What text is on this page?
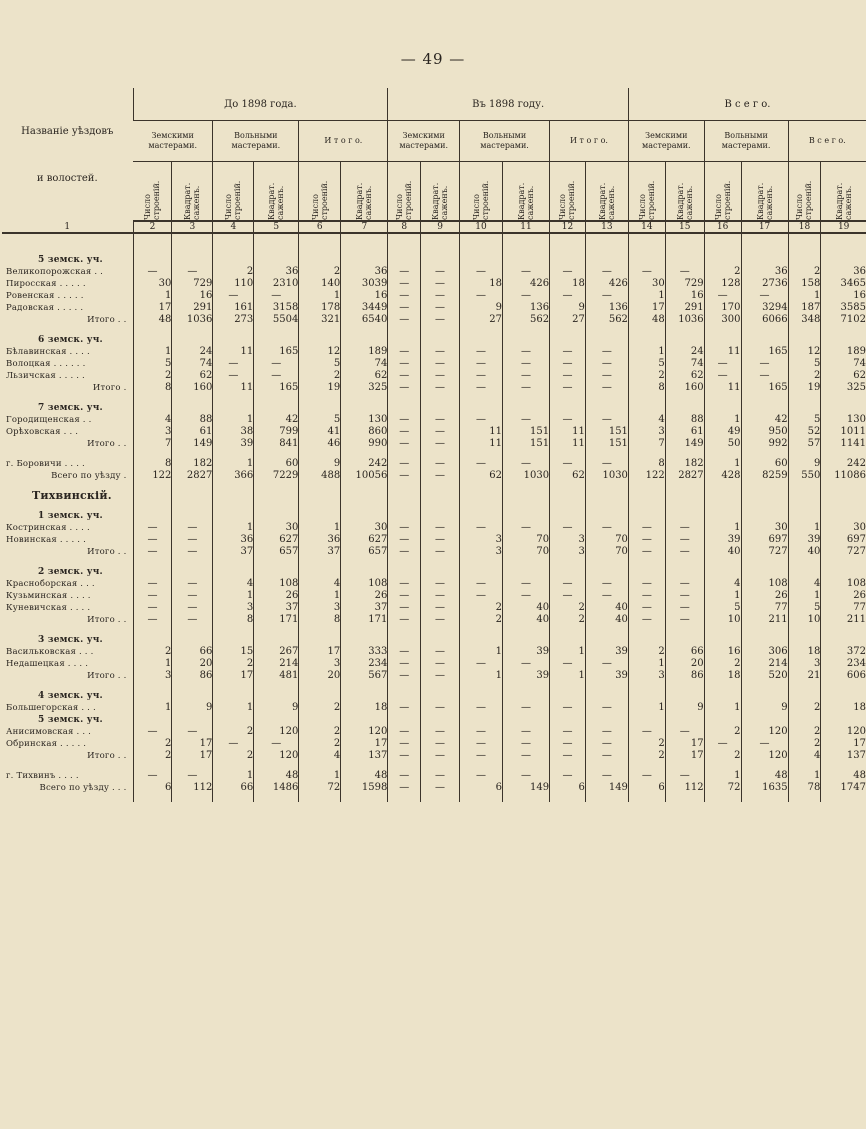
— 49 —
Названіе уѣздовъ
и волостей.	До 1898 года.						Въ 1898 году.						В с е г о.					
	Земскими мастерами.		Вольными мастерами.		И т о г о.		Земскими мастерами.		Вольными мастерами.		И т о г о.		Земскими мастерами.		Вольными мастерами.		В с е г о.	

	Число строеній.	Квадрат. саженъ.	Число строеній.	Квадрат. саженъ.	Число строеній.	Квадрат. саженъ.	Число строеній.	Квадрат. саженъ.	Число строеній.	Квадрат. саженъ.	Число строеній.	Квадрат. саженъ.	Число строеній.	Квадрат. саженъ.	Число строеній.	Квадрат. саженъ.	Число строеній.	Квадрат. саженъ.

1	2	3	4	5	6	7	8	9	10	11	12	13	14	15	16	17	18	19

5 земск. уч.																		
Великопорожская . .	—	—	2	36	2	36	—	—	—	—	—	—	—	—	2	36	2	36
Пиросская . . . . .	30	729	110	2310	140	3039	—	—	18	426	18	426	30	729	128	2736	158	3465
Ровенская . . . . .	1	16	—	—	1	16	—	—	—	—	—	—	1	16	—	—	1	16
Радовская . . . . .	17	291	161	3158	178	3449	—	—	9	136	9	136	17	291	170	3294	187	3585
Итого . .	48	1036	273	5504	321	6540	—	—	27	562	27	562	48	1036	300	6066	348	7102

6 земск. уч.																		
Бѣлавинская . . . .	1	24	11	165	12	189	—	—	—	—	—	—	1	24	11	165	12	189
Волоцкая . . . . . .	5	74	—	—	5	74	—	—	—	—	—	—	5	74	—	—	5	74
Льзичская . . . . .	2	62	—	—	2	62	—	—	—	—	—	—	2	62	—	—	2	62
Итого .	8	160	11	165	19	325	—	—	—	—	—	—	8	160	11	165	19	325

7 земск. уч.																		
Городищенская . .	4	88	1	42	5	130	—	—	—	—	—	—	4	88	1	42	5	130
Орѣховская . . .	3	61	38	799	41	860	—	—	11	151	11	151	3	61	49	950	52	1011
Итого . .	7	149	39	841	46	990	—	—	11	151	11	151	7	149	50	992	57	1141

г. Боровичи . . . .	8	182	1	60	9	242	—	—	—	—	—	—	8	182	1	60	9	242
Всего по уѣзду .	122	2827	366	7229	488	10056	—	—	62	1030	62	1030	122	2827	428	8259	550	11086

Тихвинскій.																		

1 земск. уч.																		
Костринская . . . .	—	—	1	30	1	30	—	—	—	—	—	—	—	—	1	30	1	30
Новинская . . . . .	—	—	36	627	36	627	—	—	3	70	3	70	—	—	39	697	39	697
Итого . .	—	—	37	657	37	657	—	—	3	70	3	70	—	—	40	727	40	727

2 земск. уч.																		
Красноборская . . .	—	—	4	108	4	108	—	—	—	—	—	—	—	—	4	108	4	108
Кузьминская . . . .	—	—	1	26	1	26	—	—	—	—	—	—	—	—	1	26	1	26
Куневичская . . . .	—	—	3	37	3	37	—	—	2	40	2	40	—	—	5	77	5	77
Итого . .	—	—	8	171	8	171	—	—	2	40	2	40	—	—	10	211	10	211

3 земск. уч.																		
Васильковская . . .	2	66	15	267	17	333	—	—	1	39	1	39	2	66	16	306	18	372
Недашецкая . . . .	1	20	2	214	3	234	—	—	—	—	—	—	1	20	2	214	3	234
Итого . .	3	86	17	481	20	567	—	—	1	39	1	39	3	86	18	520	21	606

4 земск. уч.																		
Большегорская . . .	1	9	1	9	2	18	—	—	—	—	—	—	1	9	1	9	2	18
5 земск. уч.																		
Анисимовская . . .	—	—	2	120	2	120	—	—	—	—	—	—	—	—	2	120	2	120
Обринская . . . . .	2	17	—	—	2	17	—	—	—	—	—	—	2	17	—	—	2	17
Итого . .	2	17	2	120	4	137	—	—	—	—	—	—	2	17	2	120	4	137

г. Тихвинъ . . . .	—	—	1	48	1	48	—	—	—	—	—	—	—	—	1	48	1	48
Всего по уѣзду . . .	6	112	66	1486	72	1598	—	—	6	149	6	149	6	112	72	1635	78	1747
